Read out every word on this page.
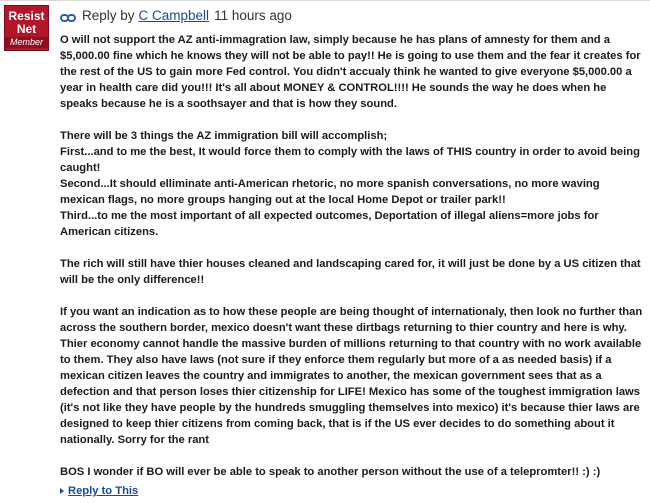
Resist
Net
Member
Reply by C Campbell 11 hours ago

O will not support the AZ anti-immagration law, simply because he has plans of amnesty for them and a $5,000.00 fine which he knows they will not be able to pay!! He is going to use them and the fear it creates for the rest of the US to gain more Fed control. You didn't accualy think he wanted to give everyone $5,000.00 a year in health care did you!!! It's all about MONEY & CONTROL!!!! He sounds the way he does when he speaks because he is a soothsayer and that is how they sound.

There will be 3 things the AZ immigration bill will accomplish;

First...and to me the best, It would force them to comply with the laws of THIS country in order to avoid being caught!

Second...It should elliminate anti-American rhetoric, no more spanish conversations, no more waving mexican flags, no more groups hanging out at the local Home Depot or trailer park!!

Third...to me the most important of all expected outcomes, Deportation of illegal aliens=more jobs for American citizens.

The rich will still have thier houses cleaned and landscaping cared for, it will just be done by a US citizen that will be the only difference!!

If you want an indication as to how these people are being thought of internationaly, then look no further than across the southern border, mexico doesn't want these dirtbags returning to thier country and here is why. Thier economy cannot handle the massive burden of millions returning to that country with no work available to them. They also have laws (not sure if they enforce them regularly but more of a as needed basis) if a mexican citizen leaves the country and immigrates to another, the mexican government sees that as a defection and that person loses thier citizenship for LIFE! Mexico has some of the toughest immigration laws (it's not like they have people by the hundreds smuggling themselves into mexico) it's because thier laws are designed to keep thier citizens from coming back, that is if the US ever decides to do something about it nationally. Sorry for the rant

BOS I wonder if BO will ever be able to speak to another person without the use of a telepromter!! :) :)

Reply to This
